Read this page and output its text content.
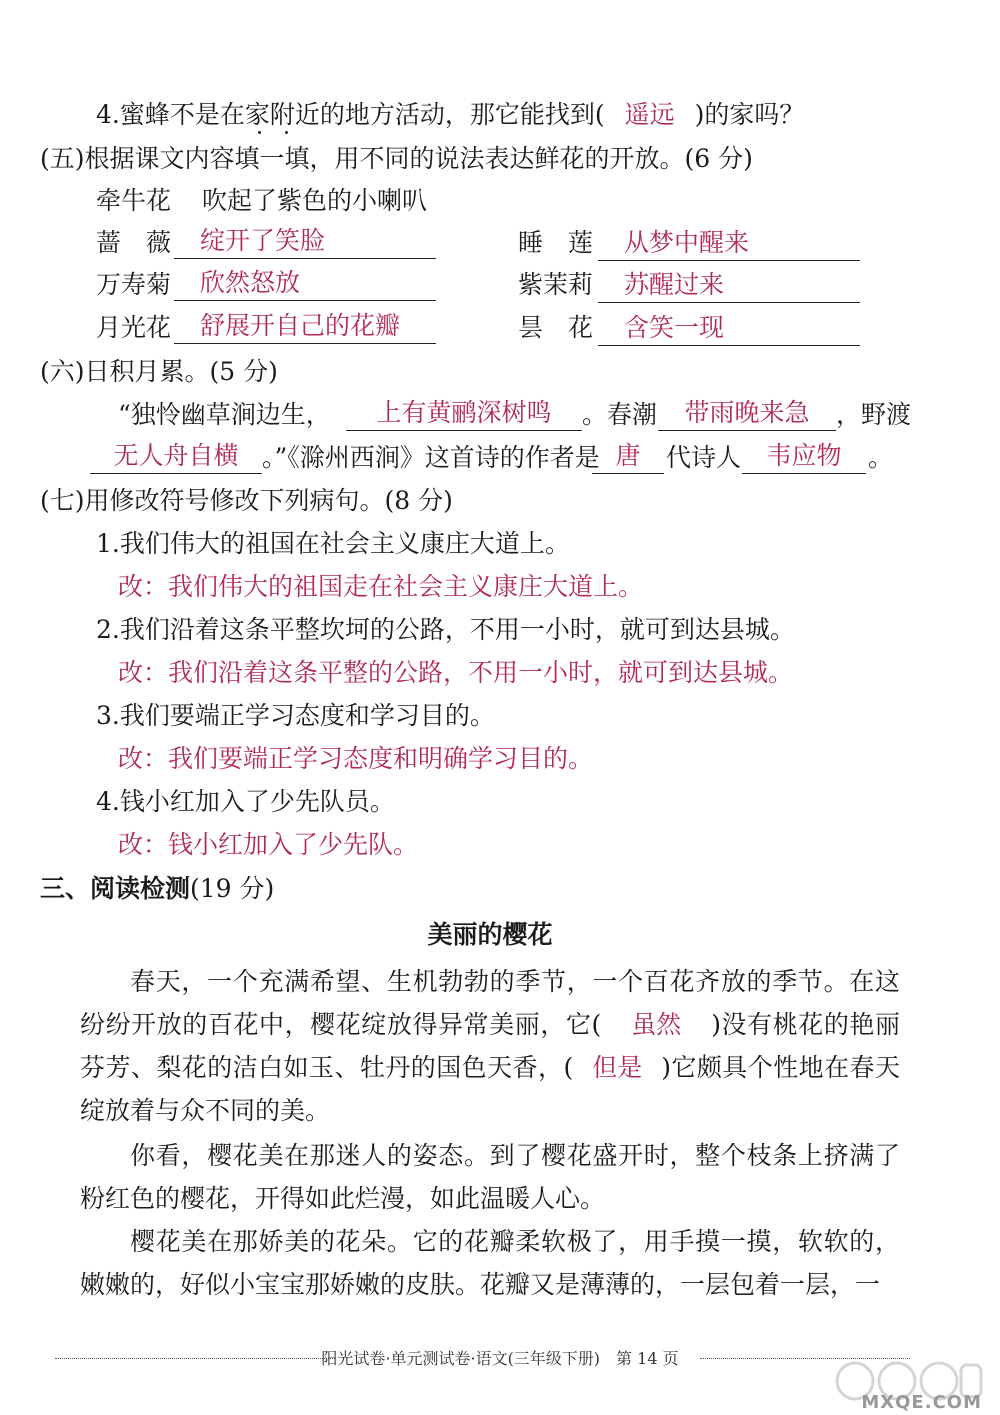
4.蜜蜂不是在家附近的地方活动，那它能找到( 遥远 )的家吗？
(五)根据课文内容填一填，用不同的说法表达鲜花的开放。(6 分)
牵牛花 吹起了紫色的小喇叭
蔷　薇	绽开了笑脸	睡　莲	从梦中醒来
万寿菊	欣然怒放	紫茉莉	苏醒过来
月光花	舒展开自己的花瓣	昙　花	含笑一现
(六)日积月累。(5 分)
“独怜幽草涧边生，	上有黄鹂深树鸣	。春潮	带雨晚来急	，野渡
无人舟自横 。”《滁州西涧》这首诗的作者是 唐	代诗人	韦应物	。
(七)用修改符号修改下列病句。(8 分)
1.我们伟大的祖国在社会主义康庄大道上。
改：我们伟大的祖国走在社会主义康庄大道上。
2.我们沿着这条平整坎坷的公路，不用一小时，就可到达县城。
改：我们沿着这条平整的公路，不用一小时，就可到达县城。
3.我们要端正学习态度和学习目的。
改：我们要端正学习态度和明确学习目的。
4.钱小红加入了少先队员。
改：钱小红加入了少先队。
三、阅读检测(19 分)
美丽的樱花
春天，一个充满希望、生机勃勃的季节，一个百花齐放的季节。在这纷纷开放的百花中，樱花绽放得异常美丽，它( 虽然 )没有桃花的艳丽芬芳、梨花的洁白如玉、牡丹的国色天香，( 但是 )它颇具个性地在春天绽放着与众不同的美。
你看，樱花美在那迷人的姿态。到了樱花盛开时，整个枝条上挤满了粉红色的樱花，开得如此烂漫，如此温暖人心。
樱花美在那娇美的花朵。它的花瓣柔软极了，用手摸一摸，软软的，嫩嫩的，好似小宝宝那娇嫩的皮肤。花瓣又是薄薄的，一层包着一层，一
阳光试卷·单元测试卷·语文(三年级下册)　第 14 页
MXQE.COM
